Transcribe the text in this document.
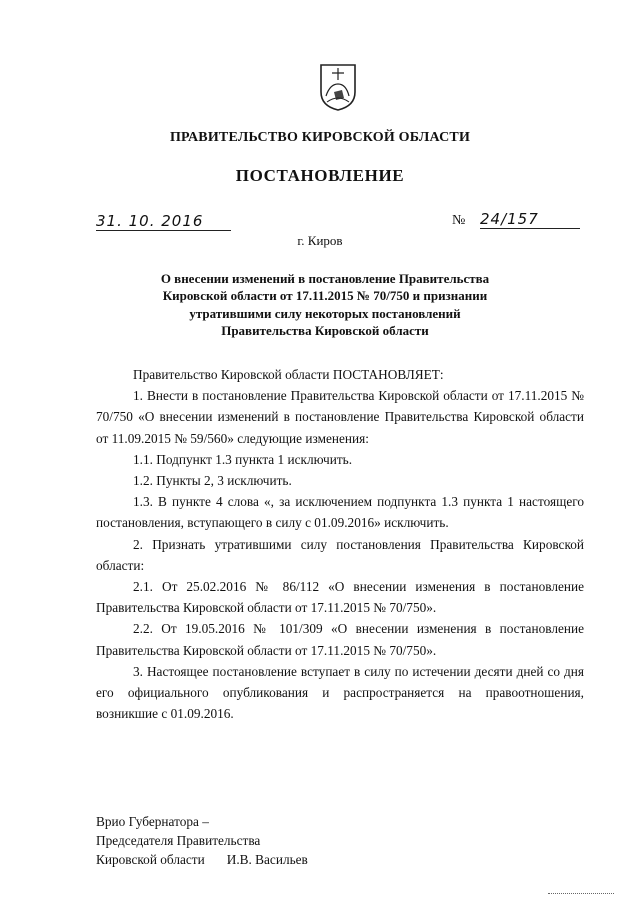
ПРАВИТЕЛЬСТВО КИРОВСКОЙ ОБЛАСТИ
ПОСТАНОВЛЕНИЕ
31. 10. 2016	№ 24/157
г. Киров
О внесении изменений в постановление Правительства
Кировской области от 17.11.2015 № 70/750 и признании
утратившими силу некоторых постановлений
Правительства Кировской области

Правительство Кировской области ПОСТАНОВЛЯЕТ:

1. Внести в постановление Правительства Кировской области от 17.11.2015 № 70/750 «О внесении изменений в постановление Правительства Кировской области от 11.09.2015 № 59/560» следующие изменения:

1.1. Подпункт 1.3 пункта 1 исключить.

1.2. Пункты 2, 3 исключить.

1.3. В пункте 4 слова «, за исключением подпункта 1.3 пункта 1 настоящего постановления, вступающего в силу с 01.09.2016» исключить.

2. Признать утратившими силу постановления Правительства Кировской области:

2.1. От 25.02.2016 № 86/112 «О внесении изменения в постановление Правительства Кировской области от 17.11.2015 № 70/750».

2.2. От 19.05.2016 № 101/309 «О внесении изменения в постановление Правительства Кировской области от 17.11.2015 № 70/750».

3. Настоящее постановление вступает в силу по истечении десяти дней со дня его официального опубликования и распространяется на правоотношения, возникшие с 01.09.2016.

Врио Губернатора –
Председателя Правительства
Кировской области И.В. Васильев
